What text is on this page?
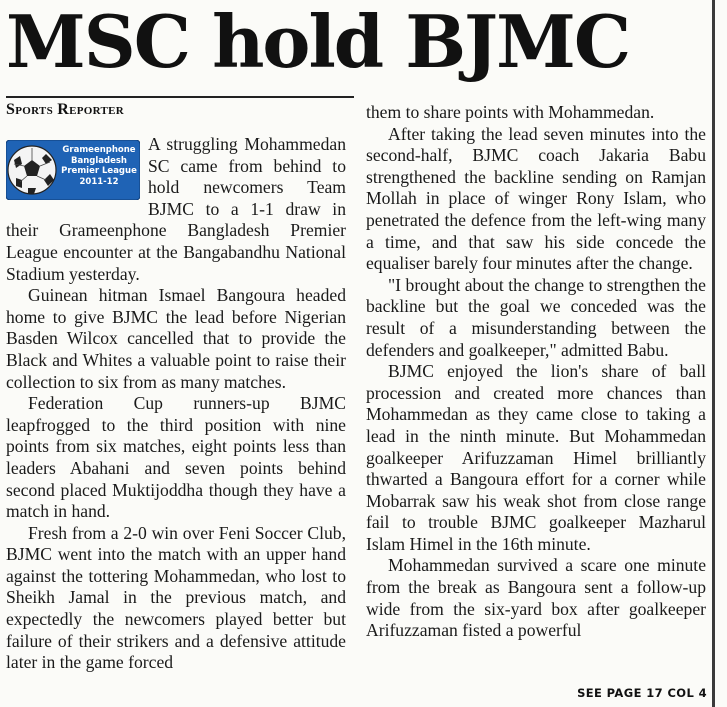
MSC hold BJMC

Sports Reporter

Grameenphone
Bangladesh
Premier League
2011-12

A struggling Mohammedan SC came from behind to hold newcomers Team BJMC to a 1-1 draw in their Grameenphone Bangladesh Premier League encounter at the Bangabandhu National Stadium yesterday.

Guinean hitman Ismael Bangoura headed home to give BJMC the lead before Nigerian Basden Wilcox cancelled that to provide the Black and Whites a valuable point to raise their collection to six from as many matches.

Federation Cup runners-up BJMC leapfrogged to the third position with nine points from six matches, eight points less than leaders Abahani and seven points behind second placed Muktijoddha though they have a match in hand.

Fresh from a 2-0 win over Feni Soccer Club, BJMC went into the match with an upper hand against the tottering Mohammedan, who lost to Sheikh Jamal in the previous match, and expectedly the newcomers played better but failure of their strikers and a defensive attitude later in the game forced

them to share points with Mohammedan.

After taking the lead seven minutes into the second-half, BJMC coach Jakaria Babu strengthened the backline sending on Ramjan Mollah in place of winger Rony Islam, who penetrated the defence from the left-wing many a time, and that saw his side concede the equaliser barely four minutes after the change.

"I brought about the change to strengthen the backline but the goal we conceded was the result of a misunderstanding between the defenders and goalkeeper," admitted Babu.

BJMC enjoyed the lion's share of ball procession and created more chances than Mohammedan as they came close to taking a lead in the ninth minute. But Mohammedan goalkeeper Arifuzzaman Himel brilliantly thwarted a Bangoura effort for a corner while Mobarrak saw his weak shot from close range fail to trouble BJMC goalkeeper Mazharul Islam Himel in the 16th minute.

Mohammedan survived a scare one minute from the break as Bangoura sent a follow-up wide from the six-yard box after goalkeeper Arifuzzaman fisted a powerful

SEE PAGE 17 COL 4
